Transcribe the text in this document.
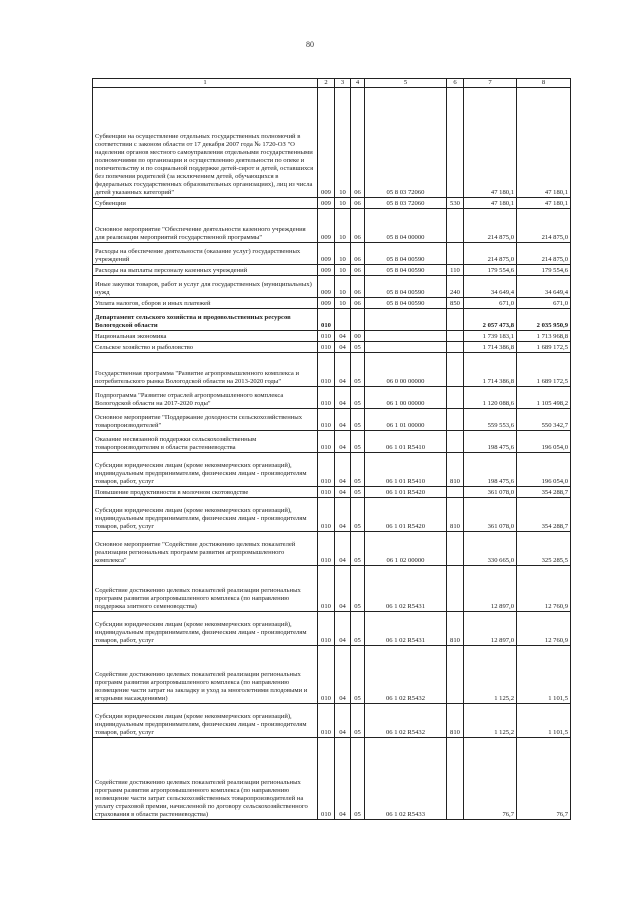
80
1	2	3	4	5	6	7	8
Субвенции на осуществление отдельных государственных полномочий в соответствии с законом области от 17 декабря 2007 года № 1720-ОЗ "О наделении органов местного самоуправления отдельными государственными полномочиями по организации и осуществлению деятельности по опеке и попечительству и по социальной поддержке детей-сирот и детей, оставшихся без попечения родителей (за исключением детей, обучающихся в федеральных государственных образовательных организациях), лиц из числа детей указанных категорий"	009	10	06	05 8 03 72060		47 180,1	47 180,1
Субвенции	009	10	06	05 8 03 72060	530	47 180,1	47 180,1
Основное мероприятие "Обеспечение деятельности казенного учреждения для реализации мероприятий государственной программы"	009	10	06	05 8 04 00000		214 875,0	214 875,0
Расходы на обеспечение деятельности (оказание услуг) государственных учреждений	009	10	06	05 8 04 00590		214 875,0	214 875,0
Расходы на выплаты персоналу казенных учреждений	009	10	06	05 8 04 00590	110	179 554,6	179 554,6
Иные закупки товаров, работ и услуг для государственных (муниципальных) нужд	009	10	06	05 8 04 00590	240	34 649,4	34 649,4
Уплата налогов, сборов и иных платежей	009	10	06	05 8 04 00590	850	671,0	671,0
Департамент сельского хозяйства и продовольственных ресурсов Вологодской области	010					2 057 473,8	2 035 950,9
Национальная экономика	010	04	00			1 739 183,1	1 713 968,8
Сельское хозяйство и рыболовство	010	04	05			1 714 386,8	1 689 172,5
Государственная программа "Развитие агропромышленного комплекса и потребительского рынка Вологодской области на 2013-2020 годы"	010	04	05	06 0 00 00000		1 714 386,8	1 689 172,5
Подпрограмма "Развитие отраслей агропромышленного комплекса Вологодской области на 2017-2020 годы"	010	04	05	06 1 00 00000		1 120 088,6	1 105 498,2
Основное мероприятие "Поддержание доходности сельскохозяйственных товаропроизводителей"	010	04	05	06 1 01 00000		559 553,6	550 342,7
Оказание несвязанной поддержки сельскохозяйственным товаропроизводителям в области растениеводства	010	04	05	06 1 01 R5410		198 475,6	196 054,0
Субсидии юридическим лицам (кроме некоммерческих организаций), индивидуальным предпринимателям, физическим лицам - производителям товаров, работ, услуг	010	04	05	06 1 01 R5410	810	198 475,6	196 054,0
Повышение продуктивности в молочном скотоводстве	010	04	05	06 1 01 R5420		361 078,0	354 288,7
Субсидии юридическим лицам (кроме некоммерческих организаций), индивидуальным предпринимателям, физическим лицам - производителям товаров, работ, услуг	010	04	05	06 1 01 R5420	810	361 078,0	354 288,7
Основное мероприятие "Содействие достижению целевых показателей реализации региональных программ развития агропромышленного комплекса"	010	04	05	06 1 02 00000		330 665,0	325 285,5
Содействие достижению целевых показателей реализации региональных программ развития агропромышленного комплекса (по направлению поддержка элитного семеноводства)	010	04	05	06 1 02 R5431		12 897,0	12 760,9
Субсидии юридическим лицам (кроме некоммерческих организаций), индивидуальным предпринимателям, физическим лицам - производителям товаров, работ, услуг	010	04	05	06 1 02 R5431	810	12 897,0	12 760,9
Содействие достижению целевых показателей реализации региональных программ развития агропромышленного комплекса (по направлению возмещение части затрат на закладку и уход за многолетними плодовыми и ягодными насаждениями)	010	04	05	06 1 02 R5432		1 125,2	1 101,5
Субсидии юридическим лицам (кроме некоммерческих организаций), индивидуальным предпринимателям, физическим лицам - производителям товаров, работ, услуг	010	04	05	06 1 02 R5432	810	1 125,2	1 101,5
Содействие достижению целевых показателей реализации региональных программ развития агропромышленного комплекса (по направлению возмещение части затрат сельскохозяйственных товаропроизводителей на уплату страховой премии, начисленной по договору сельскохозяйственного страхования в области растениеводства)	010	04	05	06 1 02 R5433		76,7	76,7
